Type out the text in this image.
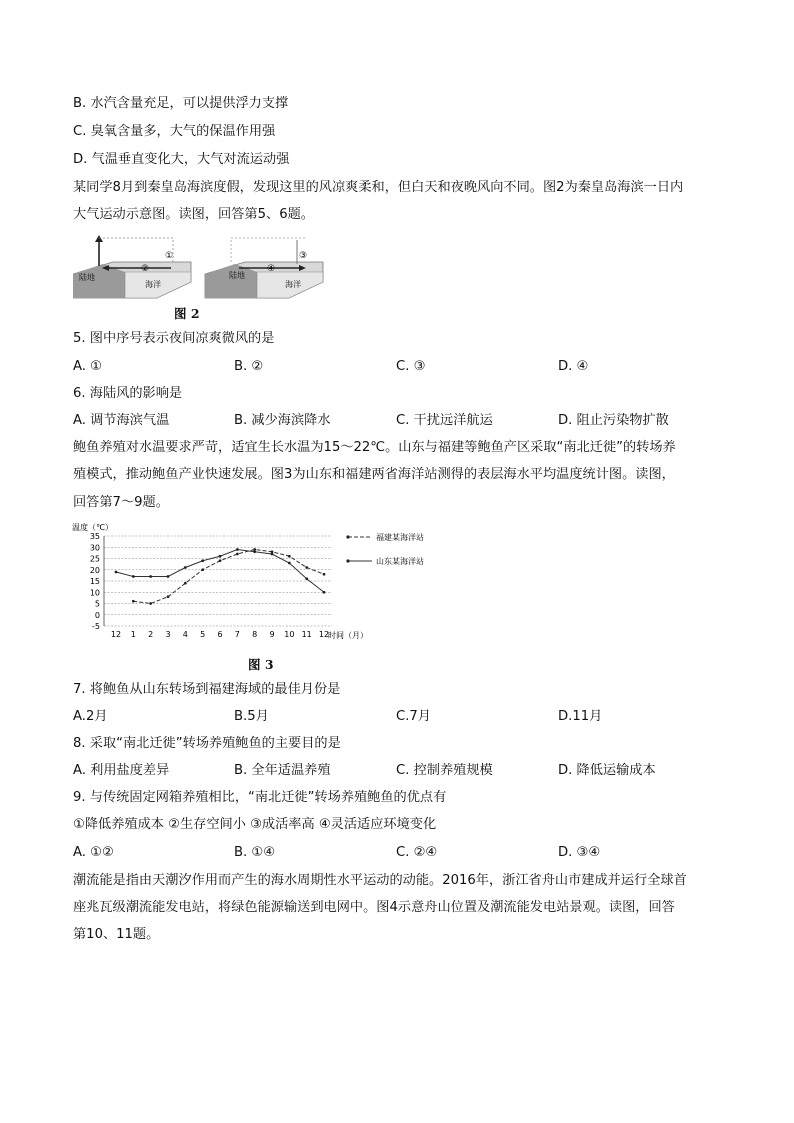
B. 水汽含量充足，可以提供浮力支撑
C. 臭氧含量多，大气的保温作用强
D. 气温垂直变化大，大气对流运动强
某同学8月到秦皇岛海滨度假，发现这里的风凉爽柔和，但白天和夜晚风向不同。图2为秦皇岛海滨一日内
大气运动示意图。读图，回答第5、6题。
①
②
陆地
海洋
③
④
陆地
海洋
图 2
5. 图中序号表示夜间凉爽微风的是
A. ①	B. ②	C. ③	D. ④
6. 海陆风的影响是
A. 调节海滨气温	B. 减少海滨降水	C. 干扰远洋航运	D. 阻止污染物扩散
鲍鱼养殖对水温要求严苛，适宜生长水温为15～22℃。山东与福建等鲍鱼产区采取“南北迁徙”的转场养
殖模式，推动鲍鱼产业快速发展。图3为山东和福建两省海洋站测得的表层海水平均温度统计图。读图，
回答第7～9题。
温度（℃）
时间（月）
-5
0
5
10
15
20
25
30
35
12 1 2 3 4 5 6 7 8 9 10 11 12
福建某海洋站
山东某海洋站
图 3
7. 将鲍鱼从山东转场到福建海域的最佳月份是
A.2月	B.5月	C.7月	D.11月
8. 采取“南北迁徙”转场养殖鲍鱼的主要目的是
A. 利用盐度差异	B. 全年适温养殖	C. 控制养殖规模	D. 降低运输成本
9. 与传统固定网箱养殖相比，“南北迁徙”转场养殖鲍鱼的优点有
①降低养殖成本 ②生存空间小 ③成活率高 ④灵活适应环境变化
A. ①②	B. ①④	C. ②④	D. ③④
潮流能是指由天潮汐作用而产生的海水周期性水平运动的动能。2016年，浙江省舟山市建成并运行全球首
座兆瓦级潮流能发电站，将绿色能源输送到电网中。图4示意舟山位置及潮流能发电站景观。读图，回答
第10、11题。
